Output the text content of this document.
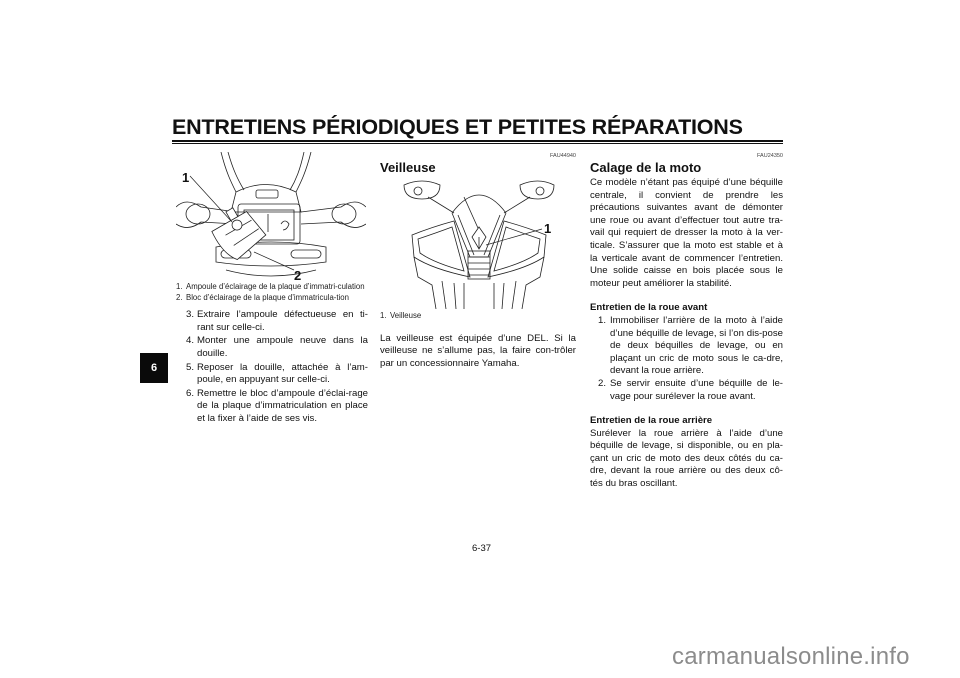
ENTRETIENS PÉRIODIQUES ET PETITES RÉPARATIONS
6
1
2
1. Ampoule d’éclairage de la plaque d’immatri-culation
2. Bloc d’éclairage de la plaque d’immatricula-tion
3. Extraire l’ampoule défectueuse en ti-rant sur celle-ci.
4. Monter une ampoule neuve dans la douille.
5. Reposer la douille, attachée à l’am-poule, en appuyant sur celle-ci.
6. Remettre le bloc d’ampoule d’éclai-rage de la plaque d’immatriculation en place et la fixer à l’aide de ses vis.
FAU44940
Veilleuse
1
1. Veilleuse

La veilleuse est équipée d’une DEL. Si la veilleuse ne s’allume pas, la faire con-trôler par un concessionnaire Yamaha.

FAU24350
Calage de la moto

Ce modèle n’étant pas équipé d’une béquille centrale, il convient de prendre les précautions suivantes avant de démonter une roue ou avant d’effectuer tout autre tra-vail qui requiert de dresser la moto à la ver-ticale. S’assurer que la moto est stable et à la verticale avant de commencer l’entretien. Une solide caisse en bois placée sous le moteur peut améliorer la stabilité.

Entretien de la roue avant
1. Immobiliser l’arrière de la moto à l’aide d’une béquille de levage, si l’on dis-pose de deux béquilles de levage, ou en plaçant un cric de moto sous le ca-dre, devant la roue arrière.
2. Se servir ensuite d’une béquille de le-vage pour surélever la roue avant.
Entretien de la roue arrière

Surélever la roue arrière à l’aide d’une béquille de levage, si disponible, ou en pla-çant un cric de moto des deux côtés du ca-dre, devant la roue arrière ou des deux cô-tés du bras oscillant.

6-37
carmanualsonline.info
